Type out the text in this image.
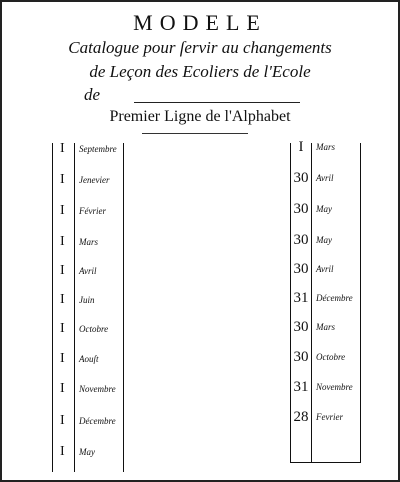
MODELE
Catalogue pour ſervir au changements
de Leçon des Ecoliers de l'Ecole
de
Premier Ligne de l'Alphabet
I Septembre
I Jenevier
I Février
I Mars
I Avril
I Juin
I Octobre
I Aouſt
I Novembre
I Décembre
I May
I	Mars
30 Avril
30 May
30 May
30 Avril
31 Décembre
30 Mars
30 Octobre
31 Novembre
28 Fevrier
